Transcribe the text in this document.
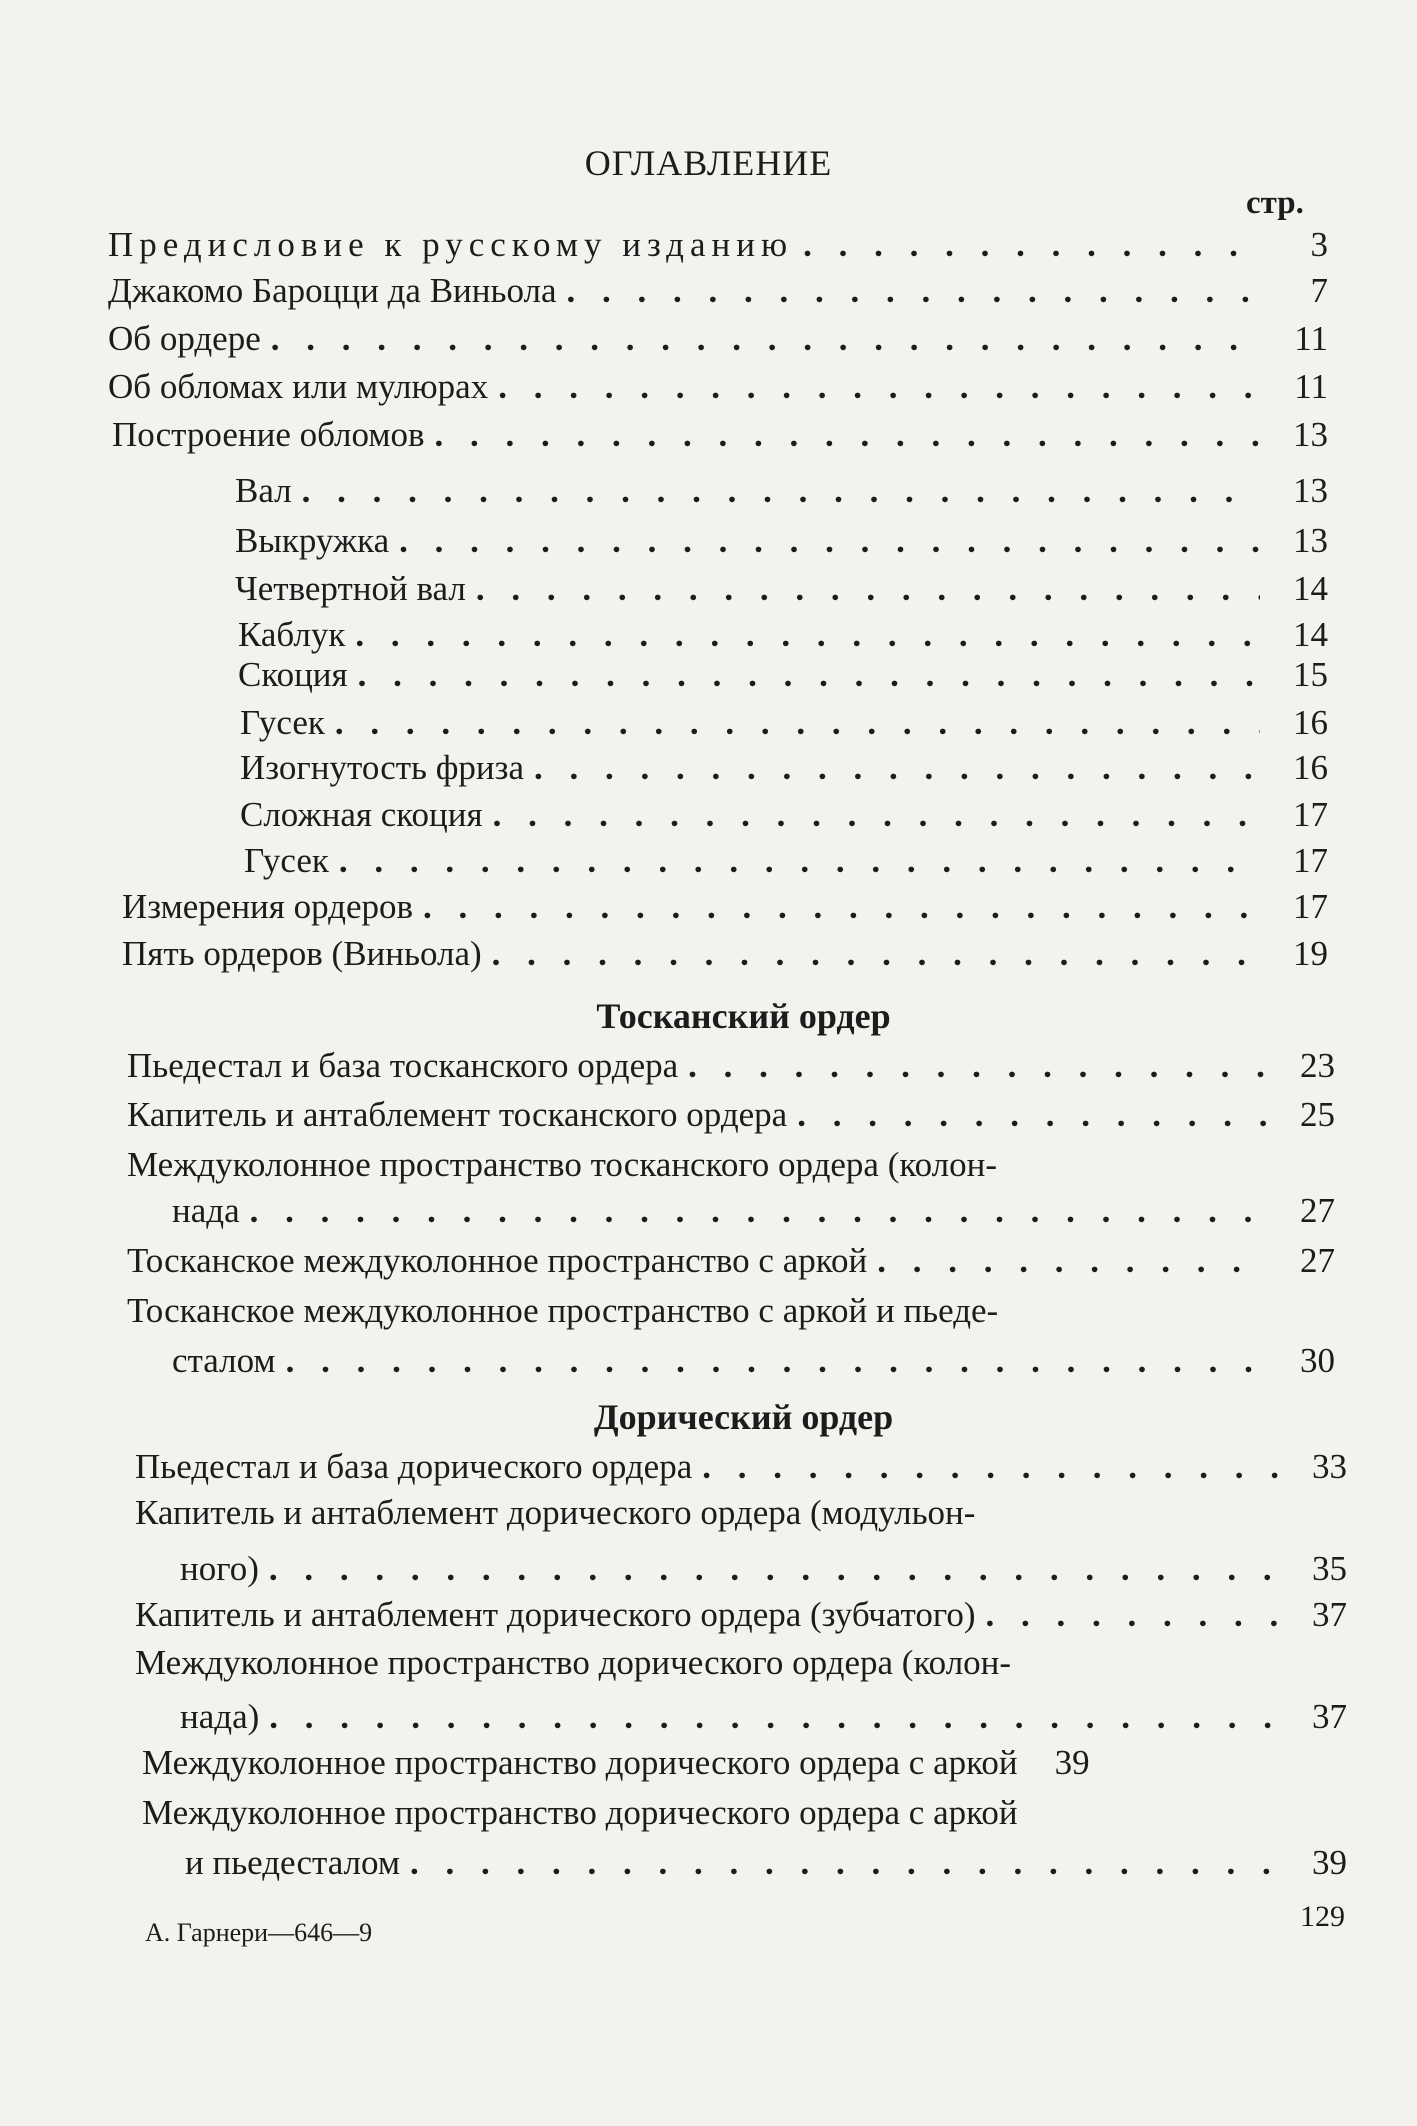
ОГЛАВЛЕНИЕ
стр.
Предисловие к русскому изданию . . .	3
Джакомо Бароцци да Виньола . . .	7
Об ордере . . .	11
Об обломах или мулюрах . . .	11
Построение обломов . . .	13
Вал . . .	13
Выкружка . . .	13
Четвертной вал . . .	14
Каблук . . .	14
Скоция . . .	15
Гусек . . .	16
Изогнутость фриза . . .	16
Сложная скоция . . .	17
Гусек . . .	17
Измерения ордеров . . .	17
Пять ордеров (Виньола) . . .	19
Тосканский ордер
Пьедестал и база тосканского ордера . . .	23
Капитель и антаблемент тосканского ордера . . .	25
Междуколонное пространство тосканского ордера (колон-
нада . . .	27
Тосканское междуколонное пространство с аркой . . .	27
Тосканское междуколонное пространство с аркой и пьеде-
сталом . . .	30
Дорический ордер
Пьедестал и база дорического ордера . . .	33
Капитель и антаблемент дорического ордера (модульон-
ного) . . .	35
Капитель и антаблемент дорического ордера (зубчатого) . . .	37
Междуколонное пространство дорического ордера (колон-
нада) . . .	37
Междуколонное пространство дорического ордера с аркой	39
Междуколонное пространство дорического ордера с аркой
и пьедесталом . . .	39
А. Гарнери—646—9	129
